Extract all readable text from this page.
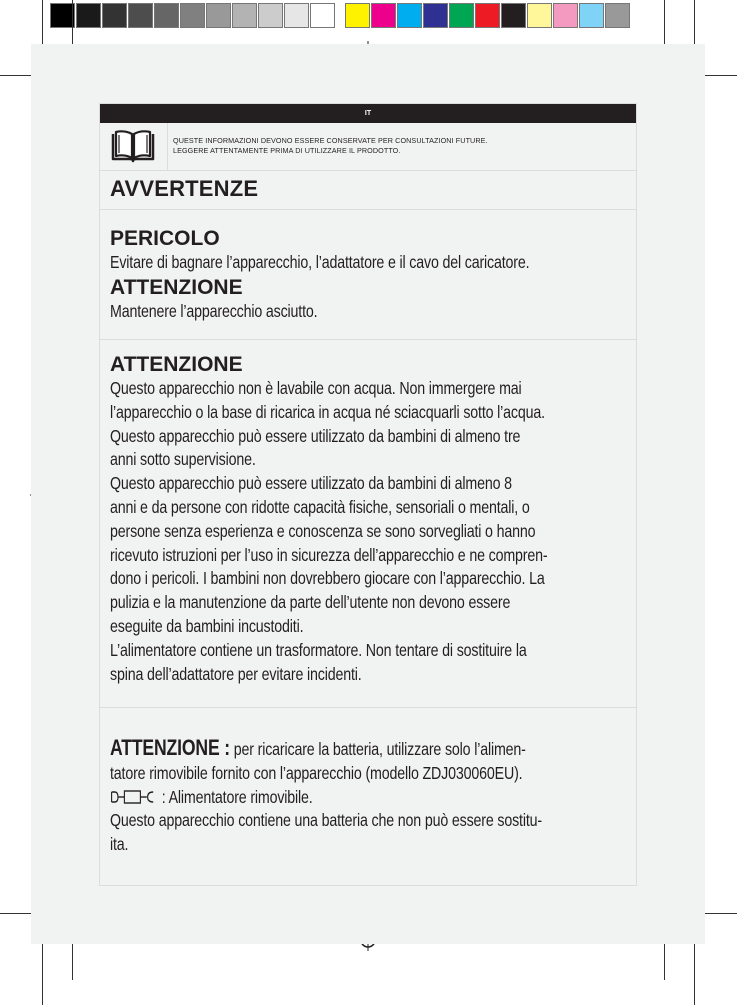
IT
QUESTE INFORMAZIONI DEVONO ESSERE CONSERVATE PER CONSULTAZIONI FUTURE.
LEGGERE ATTENTAMENTE PRIMA DI UTILIZZARE IL PRODOTTO.
AVVERTENZE
PERICOLO
Evitare di bagnare l’apparecchio, l’adattatore e il cavo del caricatore.
ATTENZIONE
Mantenere l’apparecchio asciutto.
ATTENZIONE
Questo apparecchio non è lavabile con acqua. Non immergere mai
l’apparecchio o la base di ricarica in acqua né sciacquarli sotto l’acqua.
Questo apparecchio può essere utilizzato da bambini di almeno tre
anni sotto supervisione.
Questo apparecchio può essere utilizzato da bambini di almeno 8
anni e da persone con ridotte capacità fisiche, sensoriali o mentali, o
persone senza esperienza e conoscenza se sono sorvegliati o hanno
ricevuto istruzioni per l’uso in sicurezza dell’apparecchio e ne compren-
dono i pericoli. I bambini non dovrebbero giocare con l’apparecchio. La
pulizia e la manutenzione da parte dell’utente non devono essere
eseguite da bambini incustoditi.
L’alimentatore contiene un trasformatore. Non tentare di sostituire la
spina dell’adattatore per evitare incidenti.
ATTENZIONE : per ricaricare la batteria, utilizzare solo l’alimen-
tatore rimovibile fornito con l’apparecchio (modello ZDJ030060EU).
: Alimentatore rimovibile.
Questo apparecchio contiene una batteria che non può essere sostitu-
ita.
